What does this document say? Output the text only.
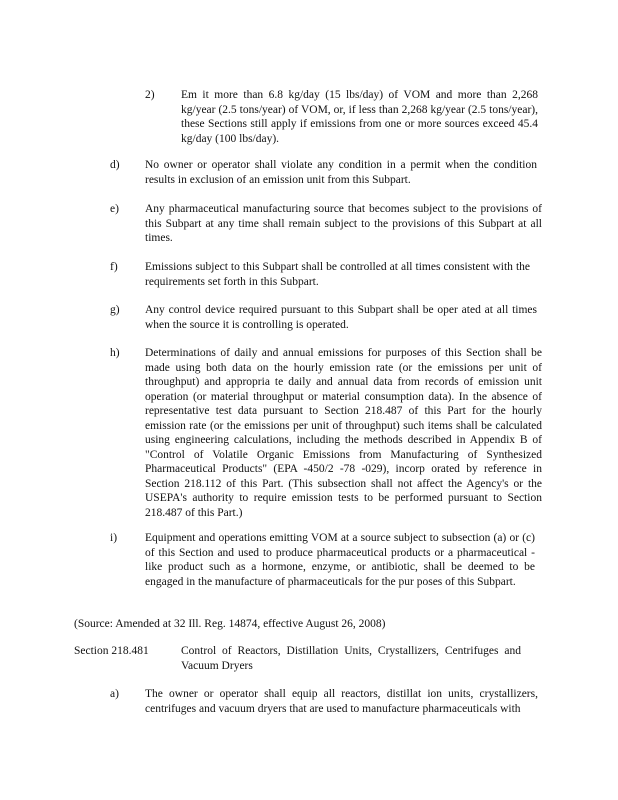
2) Em it more than 6.8 kg/day (15 lbs/day) of VOM and more than 2,268 kg/year (2.5 tons/year) of VOM, or, if less than 2,268 kg/year (2.5 tons/year), these Sections still apply if emissions from one or more sources exceed 45.4 kg/day (100 lbs/day).
d) No owner or operator shall violate any condition in a permit when the condition results in exclusion of an emission unit from this Subpart.
e) Any pharmaceutical manufacturing source that becomes subject to the provisions of this Subpart at any time shall remain subject to the provisions of this Subpart at all times.
f) Emissions subject to this Subpart shall be controlled at all times consistent with the requirements set forth in this Subpart.
g) Any control device required pursuant to this Subpart shall be oper ated at all times when the source it is controlling is operated.
h) Determinations of daily and annual emissions for purposes of this Section shall be made using both data on the hourly emission rate (or the emissions per unit of throughput) and appropria te daily and annual data from records of emission unit operation (or material throughput or material consumption data). In the absence of representative test data pursuant to Section 218.487 of this Part for the hourly emission rate (or the emissions per unit of throughput) such items shall be calculated using engineering calculations, including the methods described in Appendix B of "Control of Volatile Organic Emissions from Manufacturing of Synthesized Pharmaceutical Products" (EPA -450/2 -78 -029), incorp orated by reference in Section 218.112 of this Part. (This subsection shall not affect the Agency's or the USEPA's authority to require emission tests to be performed pursuant to Section 218.487 of this Part.)
i) Equipment and operations emitting VOM at a source subject to subsection (a) or (c) of this Section and used to produce pharmaceutical products or a pharmaceutical -like product such as a hormone, enzyme, or antibiotic, shall be deemed to be engaged in the manufacture of pharmaceuticals for the pur poses of this Subpart.
(Source: Amended at 32 Ill. Reg. 14874, effective August 26, 2008)
Section 218.481	Control of Reactors, Distillation Units, Crystallizers, Centrifuges and Vacuum Dryers
a) The owner or operator shall equip all reactors, distillat ion units, crystallizers, centrifuges and vacuum dryers that are used to manufacture pharmaceuticals with
